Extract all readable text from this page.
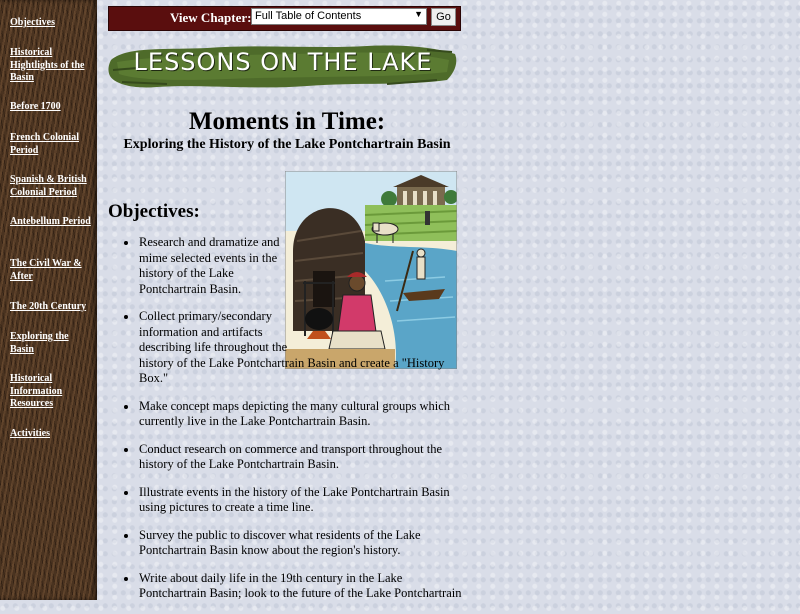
Objectives
Historical Hightlights of the Basin
Before 1700
French Colonial Period
Spanish & British Colonial Period
Antebellum Period
The Civil War & After
The 20th Century
Exploring the Basin
Historical Information Resources
Activities
View Chapter: Full Table of Contents	▼	Go
LESSONS ON THE LAKE
Moments in Time:
Exploring the History of the Lake Pontchartrain Basin
Objectives:
Research and dramatize and mime selected events in the history of the Lake Pontchartrain Basin.
Collect primary/secondary information and artifacts describing life throughout the history of the Lake Pontchartrain Basin and create a "History Box."
Make concept maps depicting the many cultural groups which currently live in the Lake Pontchartrain Basin.
Conduct research on commerce and transport throughout the history of the Lake Pontchartrain Basin.
Illustrate events in the history of the Lake Pontchartrain Basin using pictures to create a time line.
Survey the public to discover what residents of the Lake Pontchartrain Basin know about the region's history.
Write about daily life in the 19th century in the Lake Pontchartrain Basin; look to the future of the Lake Pontchartrain
